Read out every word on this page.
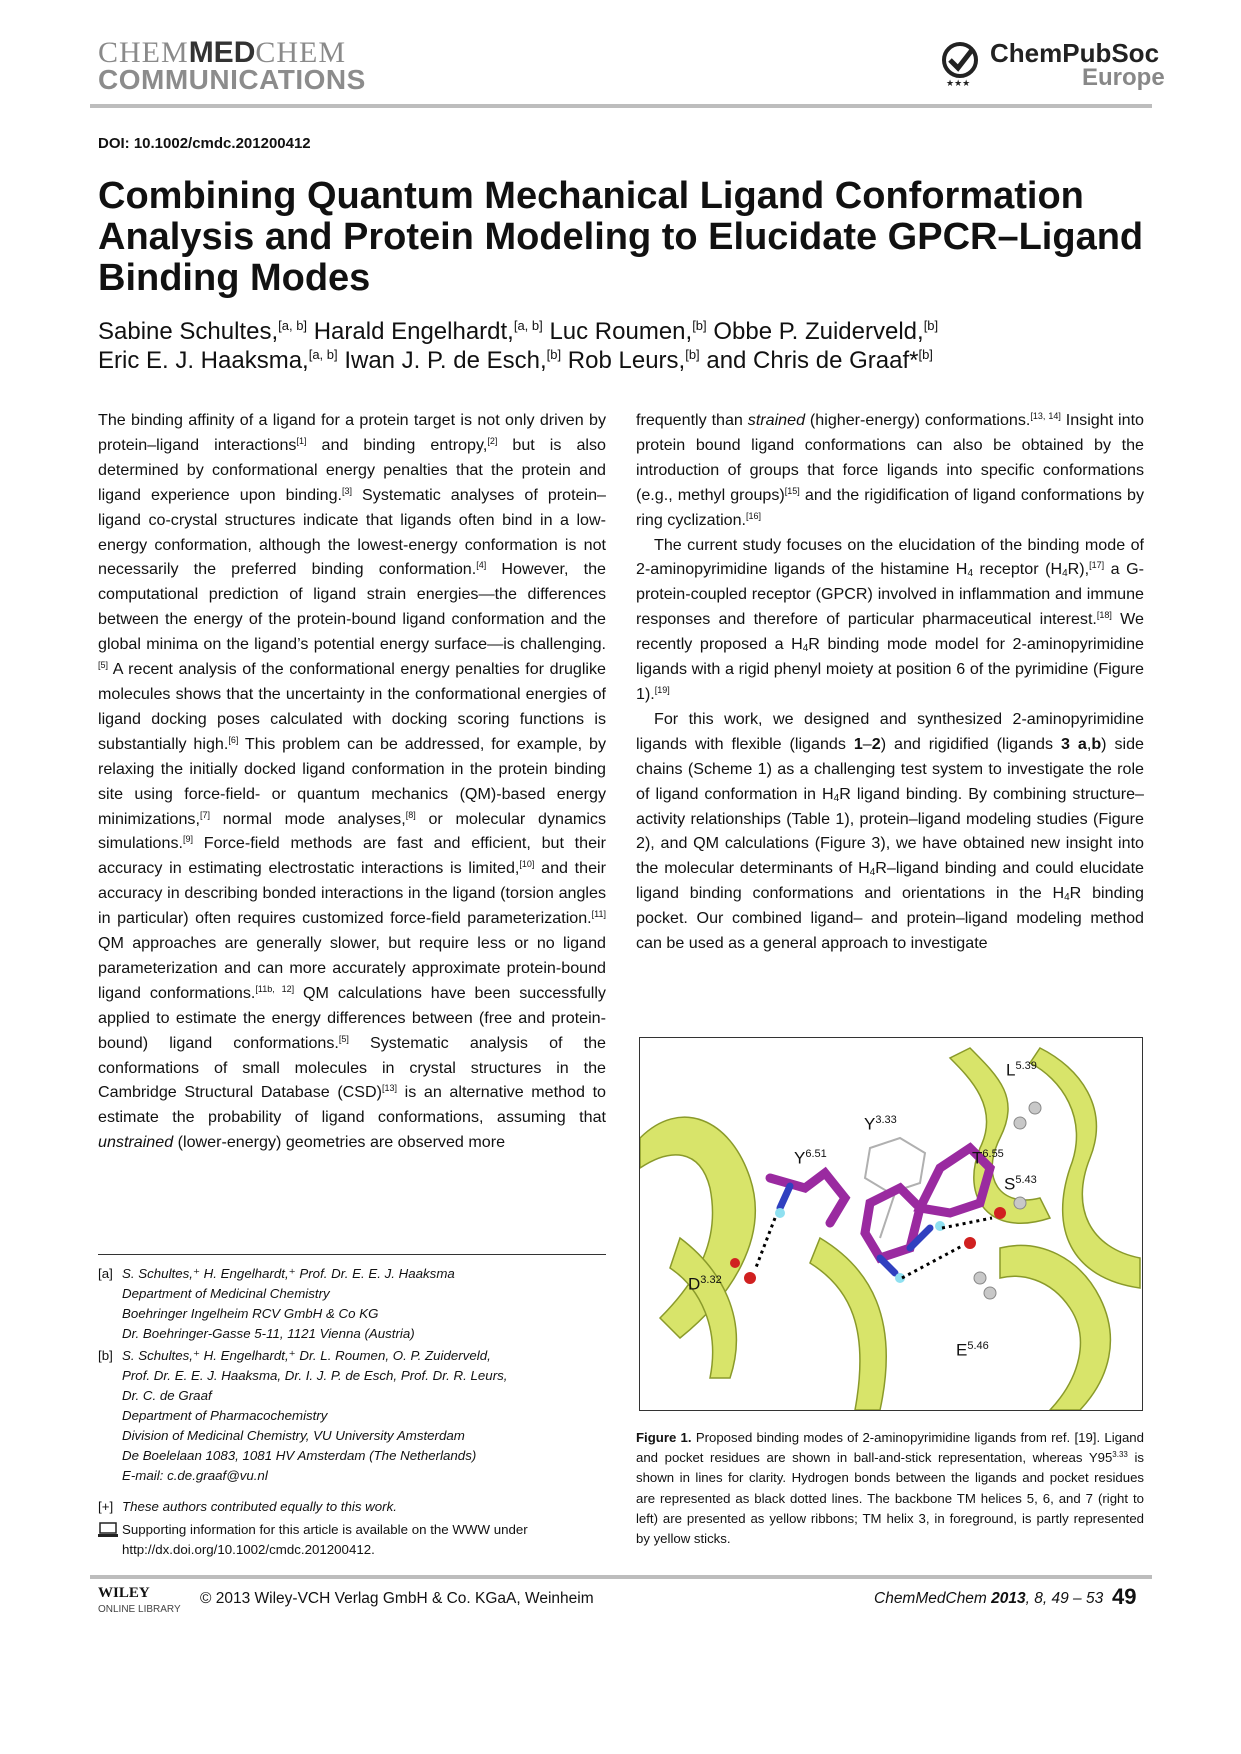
CHEMMEDCHEM
COMMUNICATIONS	★★★
ChemPubSoc
Europe
DOI: 10.1002/cmdc.201200412
Combining Quantum Mechanical Ligand Conformation Analysis and Protein Modeling to Elucidate GPCR–Ligand Binding Modes

Sabine Schultes,[a, b] Harald Engelhardt,[a, b] Luc Roumen,[b] Obbe P. Zuiderveld,[b]
Eric E. J. Haaksma,[a, b] Iwan J. P. de Esch,[b] Rob Leurs,[b] and Chris de Graaf*[b]

The binding affinity of a ligand for a protein target is not only driven by protein–ligand interactions[1] and binding entropy,[2] but is also determined by conformational energy penalties that the protein and ligand experience upon binding.[3] Systematic analyses of protein–ligand co-crystal structures indicate that ligands often bind in a low-energy conformation, although the lowest-energy conformation is not necessarily the preferred binding conformation.[4] However, the computational prediction of ligand strain energies—the differences between the energy of the protein-bound ligand conformation and the global minima on the ligand’s potential energy surface—is challenging.[5] A recent analysis of the conformational energy penalties for druglike molecules shows that the uncertainty in the conformational energies of ligand docking poses calculated with docking scoring functions is substantially high.[6] This problem can be addressed, for example, by relaxing the initially docked ligand conformation in the protein binding site using force-field- or quantum mechanics (QM)-based energy minimizations,[7] normal mode analyses,[8] or molecular dynamics simulations.[9] Force-field methods are fast and efficient, but their accuracy in estimating electrostatic interactions is limited,[10] and their accuracy in describing bonded interactions in the ligand (torsion angles in particular) often requires customized force-field parameterization.[11] QM approaches are generally slower, but require less or no ligand parameterization and can more accurately approximate protein-bound ligand conformations.[11b, 12] QM calculations have been successfully applied to estimate the energy differences between (free and protein-bound) ligand conformations.[5] Systematic analysis of the conformations of small molecules in crystal structures in the Cambridge Structural Database (CSD)[13] is an alternative method to estimate the probability of ligand conformations, assuming that unstrained (lower-energy) geometries are observed more

frequently than strained (higher-energy) conformations.[13, 14] Insight into protein bound ligand conformations can also be obtained by the introduction of groups that force ligands into specific conformations (e.g., methyl groups)[15] and the rigidification of ligand conformations by ring cyclization.[16]

The current study focuses on the elucidation of the binding mode of 2-aminopyrimidine ligands of the histamine $H_4$ receptor $(H_4R),[17]$ a G-protein-coupled receptor (GPCR) involved in inflammation and immune responses and therefore of particular pharmaceutical interest.[18] We recently proposed a $H_4R$ binding mode model for 2-aminopyrimidine ligands with a rigid phenyl moiety at position 6 of the pyrimidine (Figure 1).[19]

For this work, we designed and synthesized 2-aminopyrimidine ligands with flexible (ligands 1–2) and rigidified (ligands 3 a,b) side chains (Scheme 1) as a challenging test system to investigate the role of ligand conformation in $H_4R$ ligand binding. By combining structure–activity relationships (Table 1), protein–ligand modeling studies (Figure 2), and QM calculations (Figure 3), we have obtained new insight into the molecular determinants of $H_4R$–ligand binding and could elucidate ligand binding conformations and orientations in the $H_4R$ binding pocket. Our combined ligand– and protein–ligand modeling method can be used as a general approach to investigate

$L^{5.39}$
$Y^{3.33}$
$Y^{6.51}$	$T^{6.55}$
$S^{5.43}$
$D^{3.32}$
$E^{5.46}$

Figure 1. Proposed binding modes of 2-aminopyrimidine ligands from ref. [19]. Ligand and pocket residues are shown in ball-and-stick representation, whereas $Y95^{3.33}$ is shown in lines for clarity. Hydrogen bonds between the ligands and pocket residues are represented as black dotted lines. The backbone TM helices 5, 6, and 7 (right to left) are presented as yellow ribbons; TM helix 3, in foreground, is partly represented by yellow sticks.

[a] S. Schultes,⁺ H. Engelhardt,⁺ Prof. Dr. E. E. J. Haaksma
Department of Medicinal Chemistry
Boehringer Ingelheim RCV GmbH & Co KG
Dr. Boehringer-Gasse 5-11, 1121 Vienna (Austria)
[b] S. Schultes,⁺ H. Engelhardt,⁺ Dr. L. Roumen, O. P. Zuiderveld,
Prof. Dr. E. E. J. Haaksma, Dr. I. J. P. de Esch, Prof. Dr. R. Leurs,
Dr. C. de Graaf
Department of Pharmacochemistry
Division of Medicinal Chemistry, VU University Amsterdam
De Boelelaan 1083, 1081 HV Amsterdam (The Netherlands)
E-mail: c.de.graaf@vu.nl
[+] These authors contributed equally to this work.
Supporting information for this article is available on the WWW under
http://dx.doi.org/10.1002/cmdc.201200412.
WILEY
ONLINE LIBRARY
© 2013 Wiley-VCH Verlag GmbH & Co. KGaA, Weinheim	ChemMedChem 2013, 8, 49 – 53 49
